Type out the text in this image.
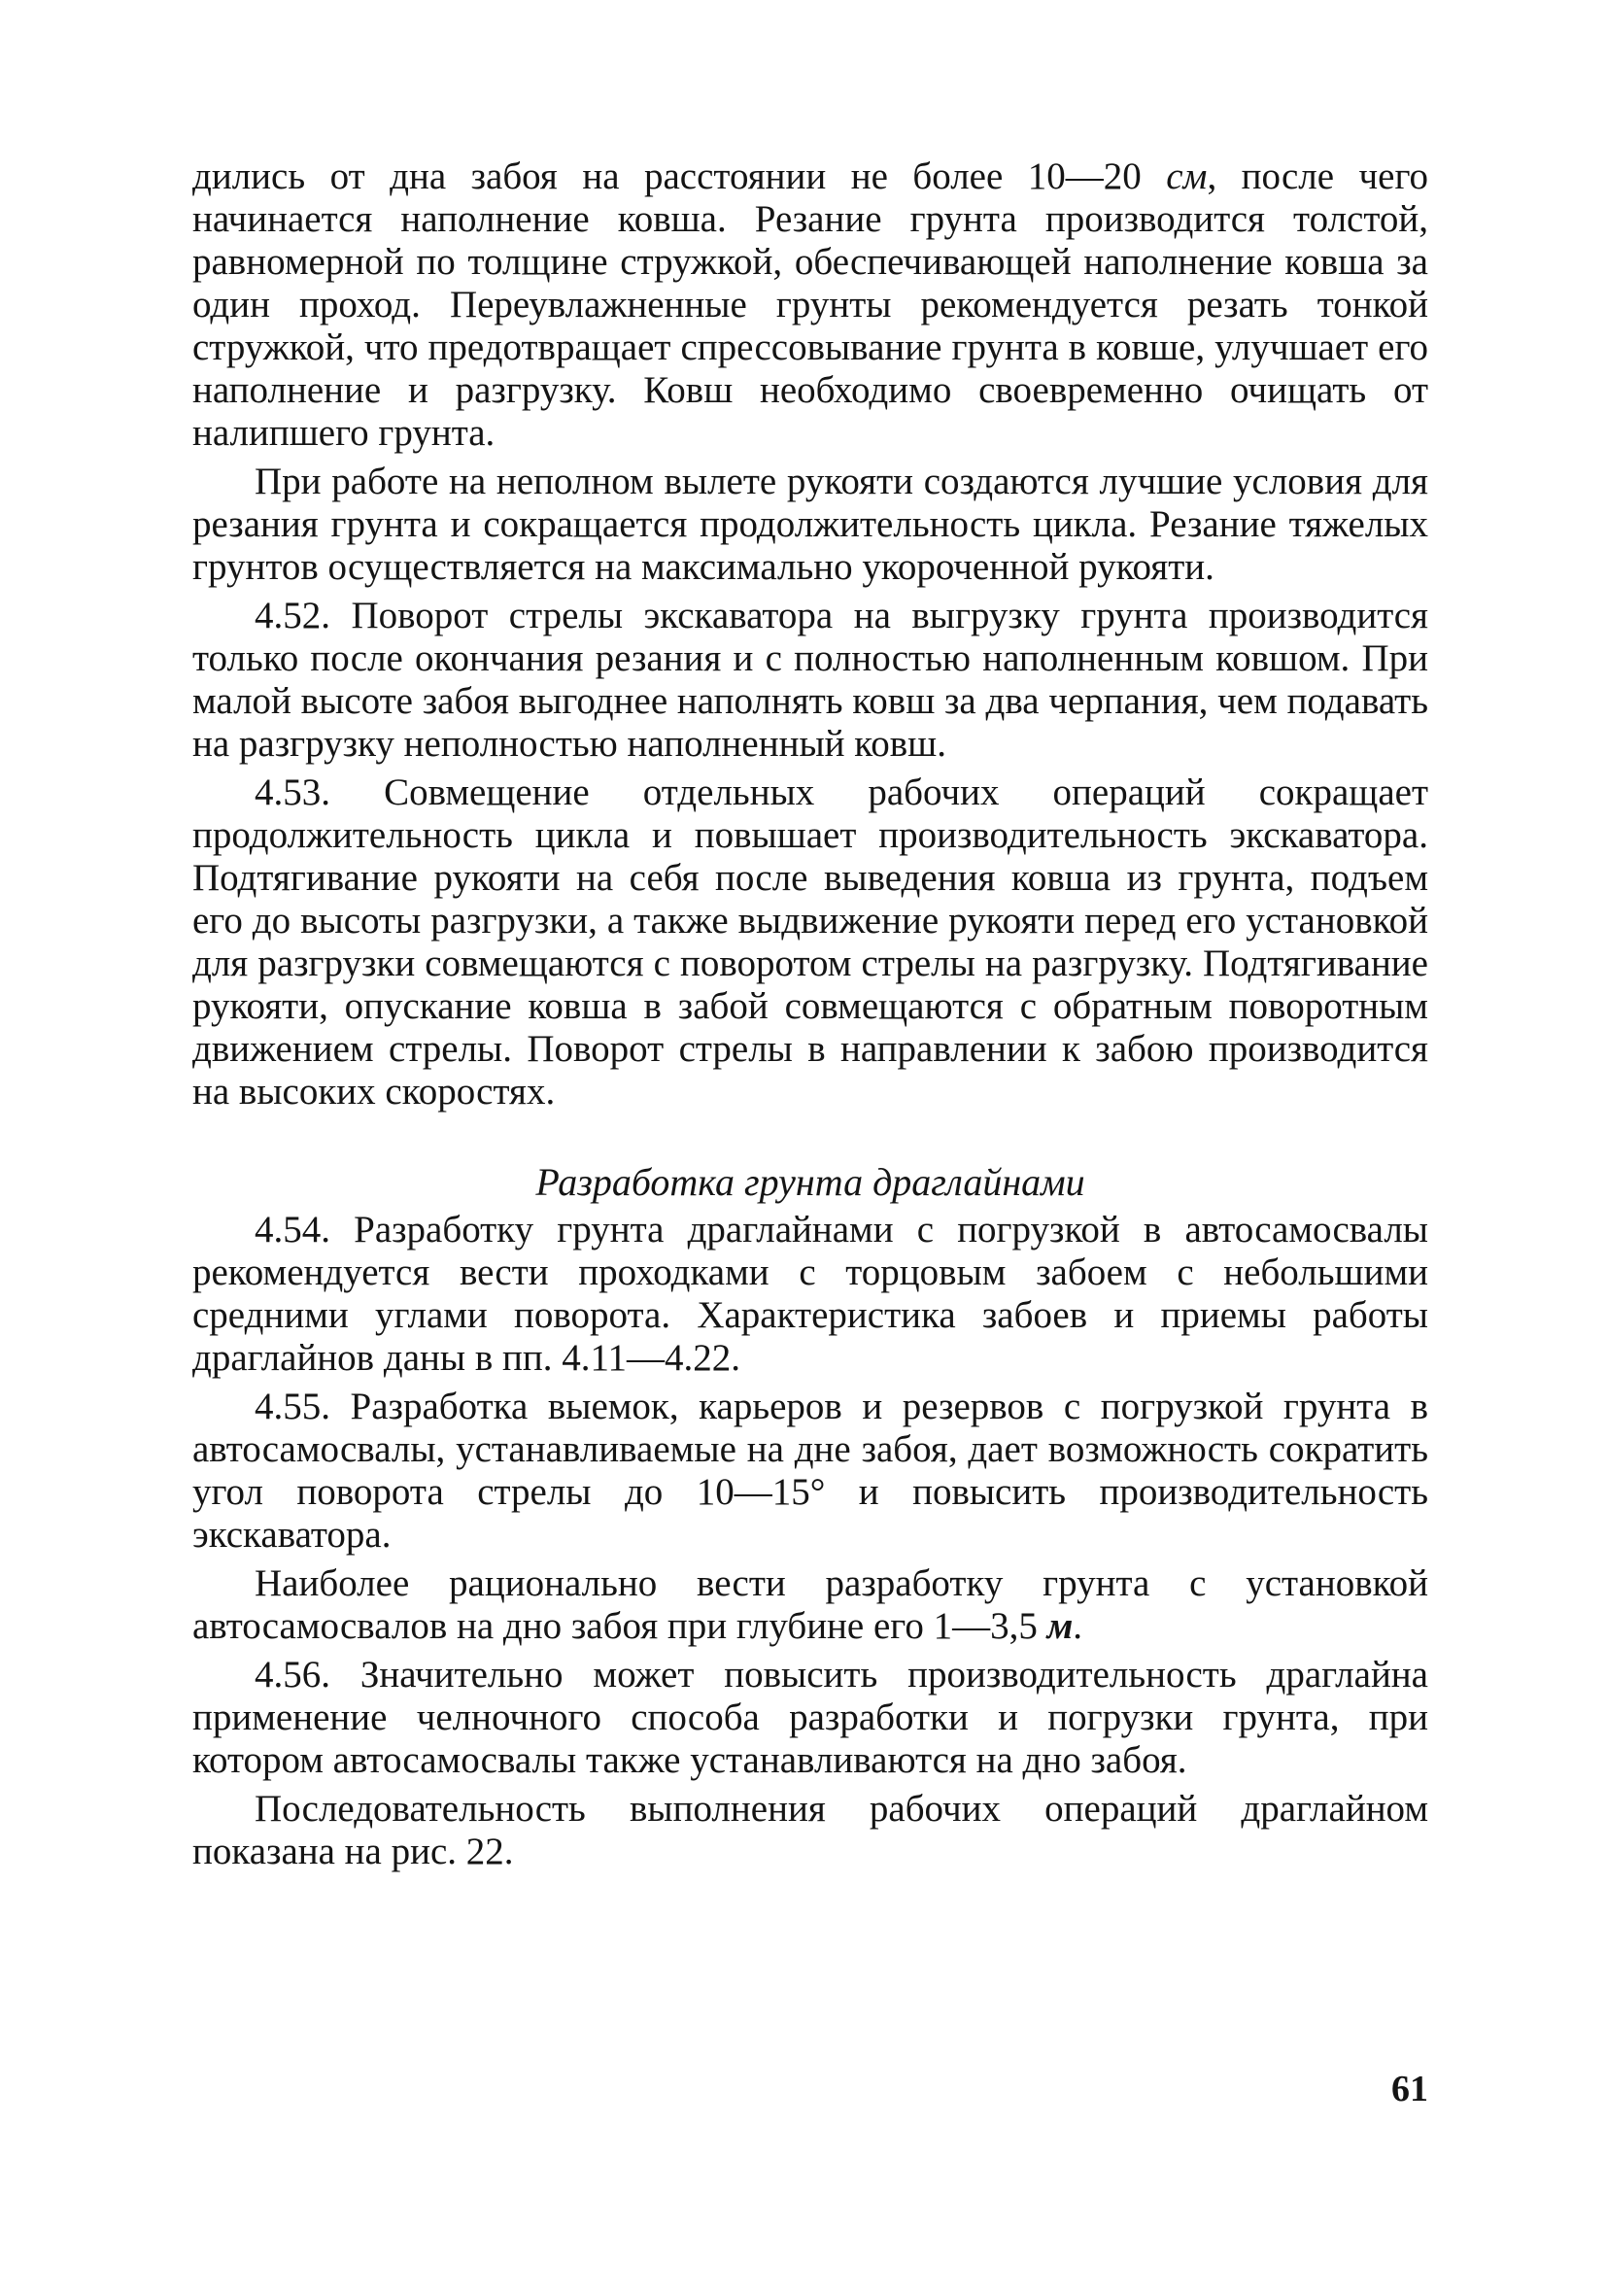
дились от дна забоя на расстоянии не более 10—20 см, после чего начинается наполнение ковша. Резание грунта производится толстой, равномерной по толщине стружкой, обеспечивающей наполнение ковша за один проход. Переувлажненные грунты рекомендуется резать тонкой стружкой, что предотвращает спрессовывание грунта в ковше, улучшает его наполнение и разгрузку. Ковш необходимо своевременно очищать от налипшего грунта.

При работе на неполном вылете рукояти создаются лучшие условия для резания грунта и сокращается продолжительность цикла. Резание тяжелых грунтов осуществляется на максимально укороченной рукояти.

4.52. Поворот стрелы экскаватора на выгрузку грунта производится только после окончания резания и с полностью наполненным ковшом. При малой высоте забоя выгоднее наполнять ковш за два черпания, чем подавать на разгрузку неполностью наполненный ковш.

4.53. Совмещение отдельных рабочих операций сокращает продолжительность цикла и повышает производительность экскаватора. Подтягивание рукояти на себя после выведения ковша из грунта, подъем его до высоты разгрузки, а также выдвижение рукояти перед его установкой для разгрузки совмещаются с поворотом стрелы на разгрузку. Подтягивание рукояти, опускание ковша в забой совмещаются с обратным поворотным движением стрелы. Поворот стрелы в направлении к забою производится на высоких скоростях.

Разработка грунта драглайнами

4.54. Разработку грунта драглайнами с погрузкой в автосамосвалы рекомендуется вести проходками с торцовым забоем с небольшими средними углами поворота. Характеристика забоев и приемы работы драглайнов даны в пп. 4.11—4.22.

4.55. Разработка выемок, карьеров и резервов с погрузкой грунта в автосамосвалы, устанавливаемые на дне забоя, дает возможность сократить угол поворота стрелы до 10—15° и повысить производительность экскаватора.

Наиболее рационально вести разработку грунта с установкой автосамосвалов на дно забоя при глубине его 1—3,5 м.

4.56. Значительно может повысить производительность драглайна применение челночного способа разработки и погрузки грунта, при котором автосамосвалы также устанавливаются на дно забоя.

Последовательность выполнения рабочих операций драглайном показана на рис. 22.

61
